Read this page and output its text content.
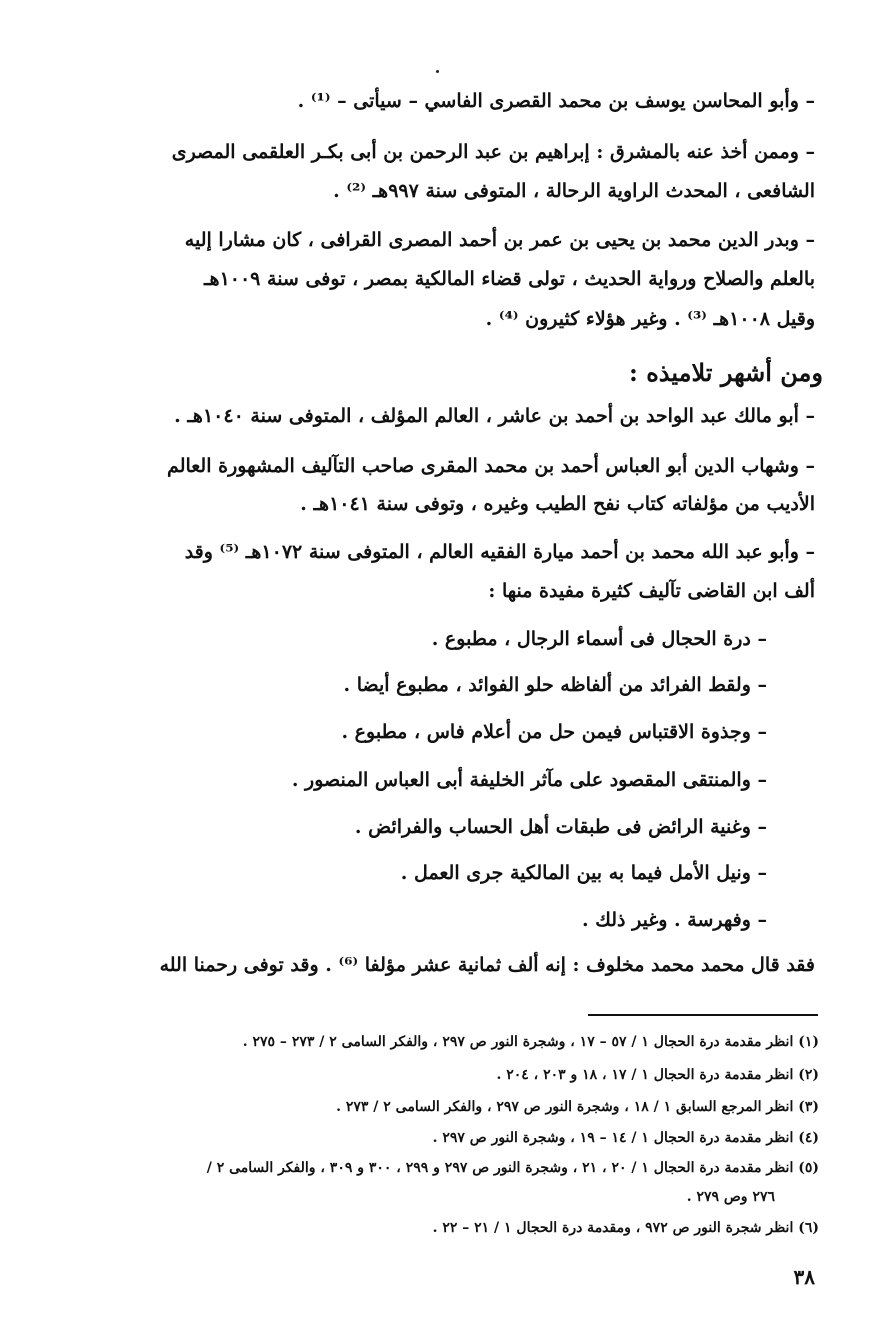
– وأبو المحاسن يوسف بن محمد القصرى الفاسي – سيأتى – ⁽¹⁾ .
– وممن أخذ عنه بالمشرق : إبراهيم بن عبد الرحمن بن أبى بكـر العلقمى المصرى
الشافعى ، المحدث الراوية الرحالة ، المتوفى سنة ٩٩٧هـ ⁽²⁾ .
– وبدر الدين محمد بن يحيى بن عمر بن أحمد المصرى القرافى ، كان مشارا إليه
بالعلم والصلاح ورواية الحديث ، تولى قضاء المالكية بمصر ، توفى سنة ١٠٠٩هـ
وقيل ١٠٠٨هـ ⁽³⁾ . وغير هؤلاء كثيرون ⁽⁴⁾ .
ومن أشهر تلاميذه :
– أبو مالك عبد الواحد بن أحمد بن عاشر ، العالم المؤلف ، المتوفى سنة ١٠٤٠هـ .
– وشهاب الدين أبو العباس أحمد بن محمد المقرى صاحب التآليف المشهورة العالم
الأديب من مؤلفاته كتاب نفح الطيب وغيره ، وتوفى سنة ١٠٤١هـ .
– وأبو عبد الله محمد بن أحمد ميارة الفقيه العالم ، المتوفى سنة ١٠٧٢هـ ⁽⁵⁾ وقد
ألف ابن القاضى تآليف كثيرة مفيدة منها :
– درة الحجال فى أسماء الرجال ، مطبوع .
– ولقط الفرائد من ألفاظه حلو الفوائد ، مطبوع أيضا .
– وجذوة الاقتباس فيمن حل من أعلام فاس ، مطبوع .
– والمنتقى المقصود على مآثر الخليفة أبى العباس المنصور .
– وغنية الرائض فى طبقات أهل الحساب والفرائض .
– ونيل الأمل فيما به بين المالكية جرى العمل .
– وفهرسة . وغير ذلك .
فقد قال محمد محمد مخلوف : إنه ألف ثمانية عشر مؤلفا ⁽⁶⁾ . وقد توفى رحمنا الله
(١) انظر مقدمة درة الحجال ١ / ٥٧ – ١٧ ، وشجرة النور ص ٢٩٧ ، والفكر السامى ٢ / ٢٧٣ – ٢٧٥ .
(٢) انظر مقدمة درة الحجال ١ / ١٧ ، ١٨ و ٢٠٣ ، ٢٠٤ .
(٣) انظر المرجع السابق ١ / ١٨ ، وشجرة النور ص ٢٩٧ ، والفكر السامى ٢ / ٢٧٣ .
(٤) انظر مقدمة درة الحجال ١ / ١٤ – ١٩ ، وشجرة النور ص ٢٩٧ .
(٥) انظر مقدمة درة الحجال ١ / ٢٠ ، ٢١ ، وشجرة النور ص ٢٩٧ و ٢٩٩ ، ٣٠٠ و ٣٠٩ ، والفكر السامى ٢ /
٢٧٦ وص ٢٧٩ .
(٦) انظر شجرة النور ص ٩٧٢ ، ومقدمة درة الحجال ١ / ٢١ – ٢٢ .
٣٨
